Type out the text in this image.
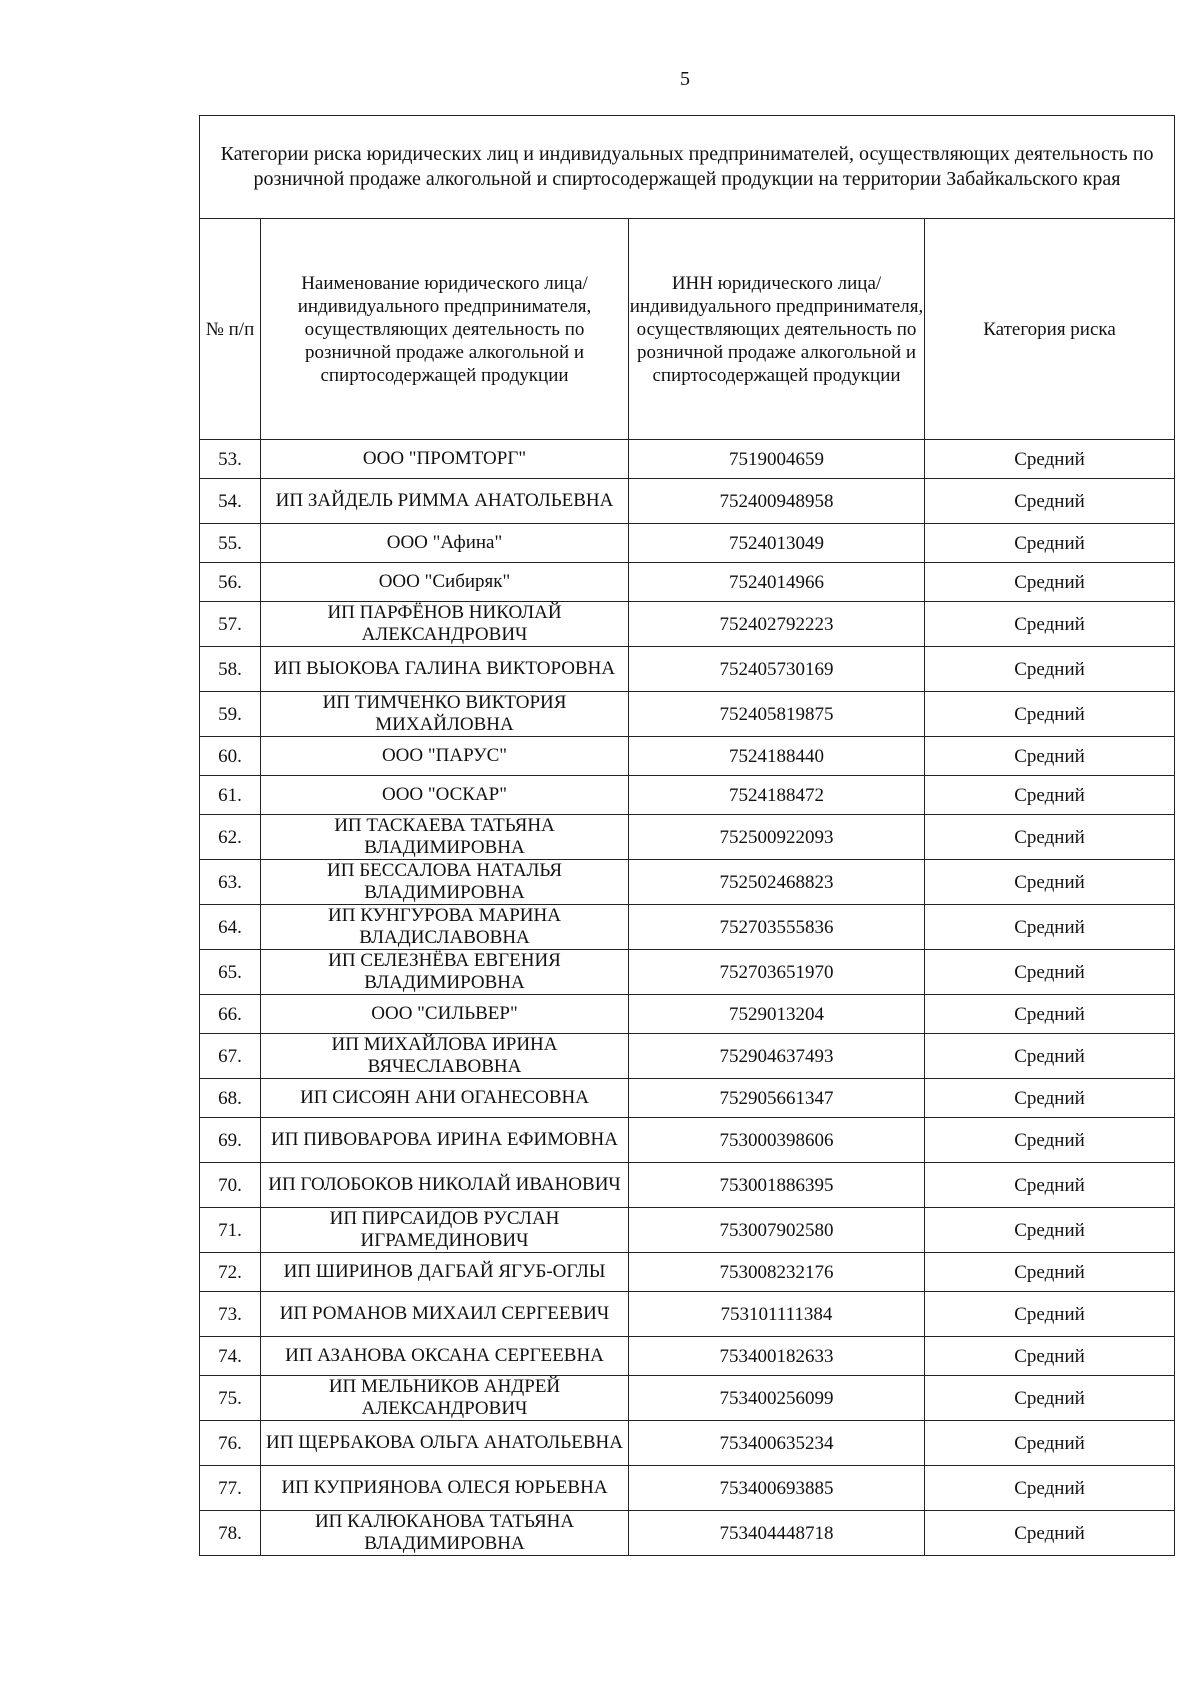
5
Категории риска юридических лиц и индивидуальных предпринимателей, осуществляющих деятельность по розничной продаже алкогольной и спиртосодержащей продукции на территории Забайкальского края			
№ п/п	Наименование юридического лица/индивидуального предпринимателя, осуществляющих деятельность по розничной продаже алкогольной и спиртосодержащей продукции	ИНН юридического лица/индивидуального предпринимателя, осуществляющих деятельность по розничной продаже алкогольной и спиртосодержащей продукции	Категория риска
53.	ООО "ПРОМТОРГ"	7519004659	Средний
54.	ИП ЗАЙДЕЛЬ РИММА АНАТОЛЬЕВНА	752400948958	Средний
55.	ООО "Афина"	7524013049	Средний
56.	ООО "Сибиряк"	7524014966	Средний
57.	ИП ПАРФЁНОВ НИКОЛАЙ АЛЕКСАНДРОВИЧ	752402792223	Средний
58.	ИП ВЫОКОВА ГАЛИНА ВИКТОРОВНА	752405730169	Средний
59.	ИП ТИМЧЕНКО ВИКТОРИЯ МИХАЙЛОВНА	752405819875	Средний
60.	ООО "ПАРУС"	7524188440	Средний
61.	ООО "ОСКАР"	7524188472	Средний
62.	ИП ТАСКАЕВА ТАТЬЯНА ВЛАДИМИРОВНА	752500922093	Средний
63.	ИП БЕССАЛОВА НАТАЛЬЯ ВЛАДИМИРОВНА	752502468823	Средний
64.	ИП КУНГУРОВА МАРИНА ВЛАДИСЛАВОВНА	752703555836	Средний
65.	ИП СЕЛЕЗНЁВА ЕВГЕНИЯ ВЛАДИМИРОВНА	752703651970	Средний
66.	ООО "СИЛЬВЕР"	7529013204	Средний
67.	ИП МИХАЙЛОВА ИРИНА ВЯЧЕСЛАВОВНА	752904637493	Средний
68.	ИП СИСОЯН АНИ ОГАНЕСОВНА	752905661347	Средний
69.	ИП ПИВОВАРОВА ИРИНА ЕФИМОВНА	753000398606	Средний
70.	ИП ГОЛОБОКОВ НИКОЛАЙ ИВАНОВИЧ	753001886395	Средний
71.	ИП ПИРСАИДОВ РУСЛАН ИГРАМЕДИНОВИЧ	753007902580	Средний
72.	ИП ШИРИНОВ ДАГБАЙ ЯГУБ-ОГЛЫ	753008232176	Средний
73.	ИП РОМАНОВ МИХАИЛ СЕРГЕЕВИЧ	753101111384	Средний
74.	ИП АЗАНОВА ОКСАНА СЕРГЕЕВНА	753400182633	Средний
75.	ИП МЕЛЬНИКОВ АНДРЕЙ АЛЕКСАНДРОВИЧ	753400256099	Средний
76.	ИП ЩЕРБАКОВА ОЛЬГА АНАТОЛЬЕВНА	753400635234	Средний
77.	ИП КУПРИЯНОВА ОЛЕСЯ ЮРЬЕВНА	753400693885	Средний
78.	ИП КАЛЮКАНОВА ТАТЬЯНА ВЛАДИМИРОВНА	753404448718	Средний
